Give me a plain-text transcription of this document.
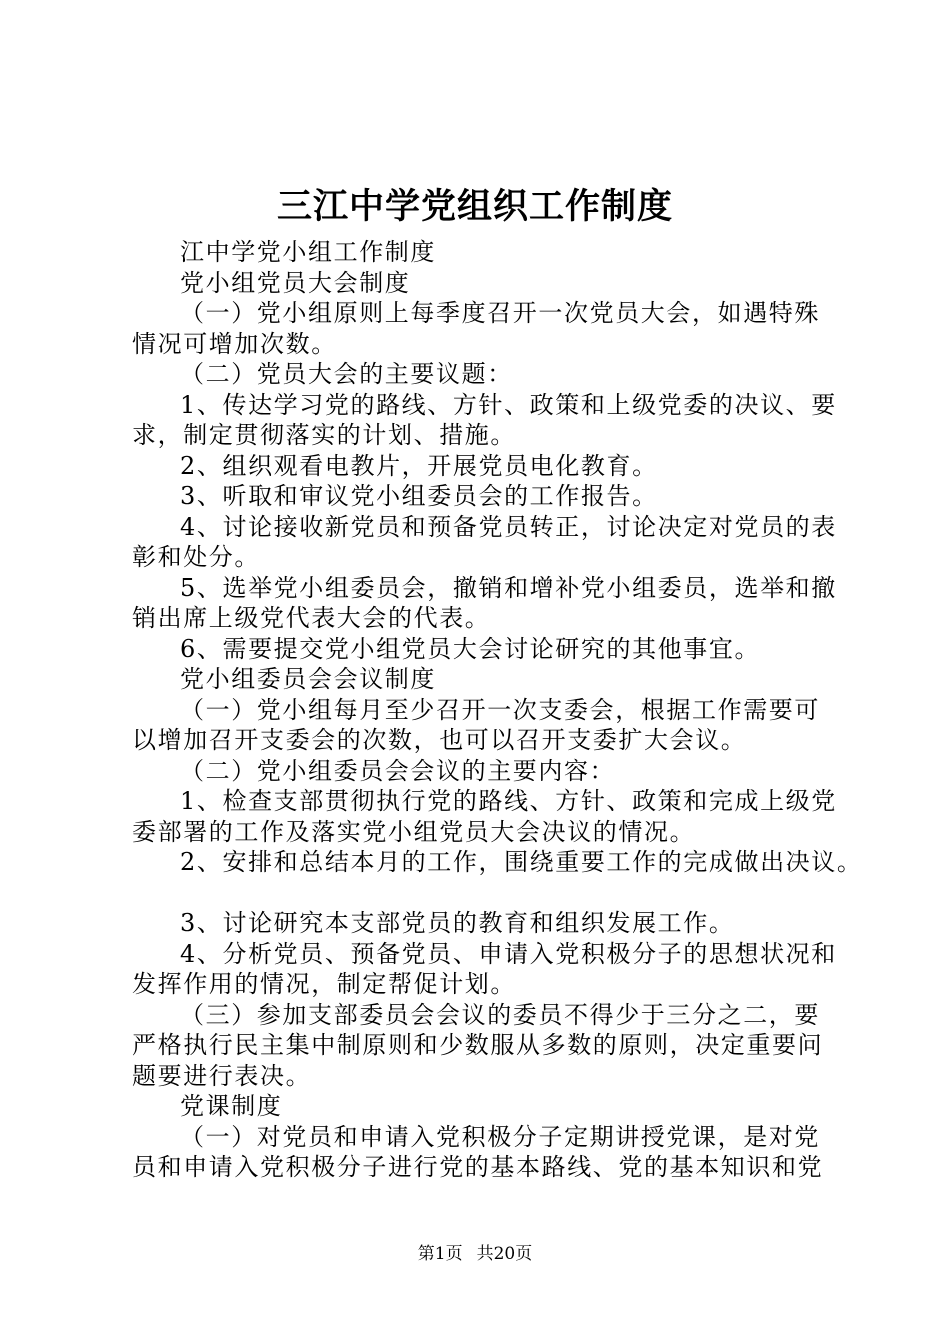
三江中学党组织工作制度

江中学党小组工作制度

党小组党员大会制度

（一）党小组原则上每季度召开一次党员大会，如遇特殊

情况可增加次数。

（二）党员大会的主要议题：

1、传达学习党的路线、方针、政策和上级党委的决议、要

求，制定贯彻落实的计划、措施。

2、组织观看电教片，开展党员电化教育。

3、听取和审议党小组委员会的工作报告。

4、讨论接收新党员和预备党员转正，讨论决定对党员的表

彰和处分。

5、选举党小组委员会，撤销和增补党小组委员，选举和撤

销出席上级党代表大会的代表。

6、需要提交党小组党员大会讨论研究的其他事宜。

党小组委员会会议制度

（一）党小组每月至少召开一次支委会，根据工作需要可

以增加召开支委会的次数，也可以召开支委扩大会议。

（二）党小组委员会会议的主要内容：

1、检查支部贯彻执行党的路线、方针、政策和完成上级党

委部署的工作及落实党小组党员大会决议的情况。

2、安排和总结本月的工作，围绕重要工作的完成做出决议。

3、讨论研究本支部党员的教育和组织发展工作。

4、分析党员、预备党员、申请入党积极分子的思想状况和

发挥作用的情况，制定帮促计划。

（三）参加支部委员会会议的委员不得少于三分之二，要

严格执行民主集中制原则和少数服从多数的原则，决定重要问

题要进行表决。

党课制度

（一）对党员和申请入党积极分子定期讲授党课，是对党

员和申请入党积极分子进行党的基本路线、党的基本知识和党

第1页 共20页
